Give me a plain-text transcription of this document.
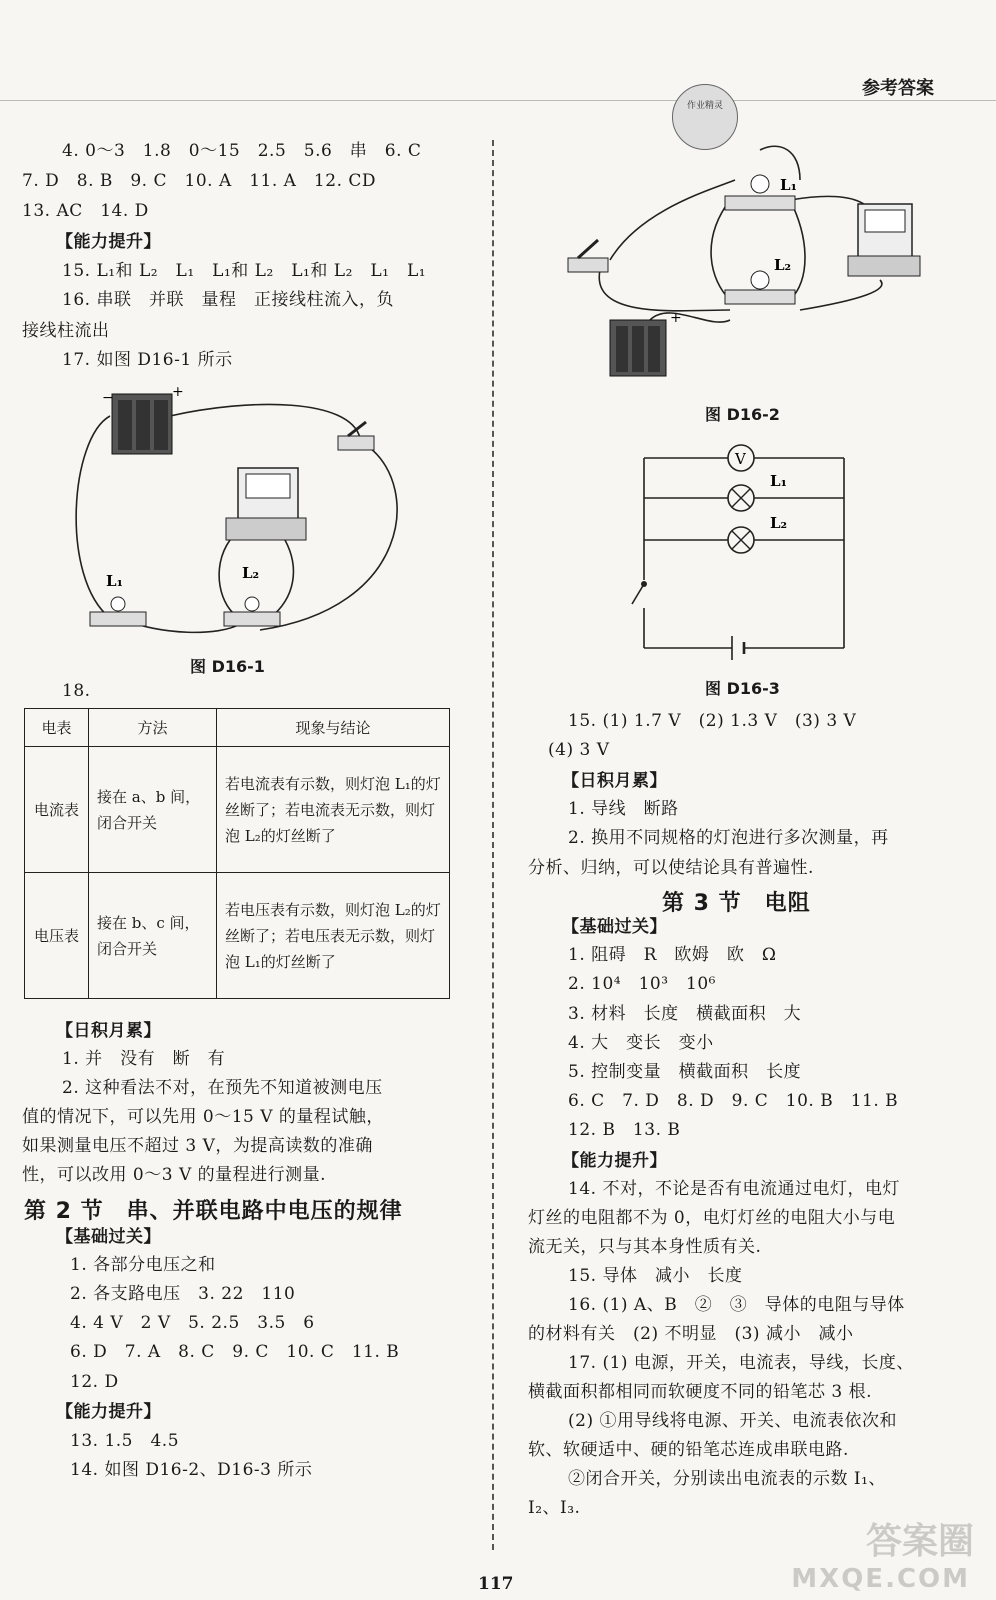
参考答案
作业精灵
4. 0～3　1.8　0～15　2.5　5.6　串　6. C
7. D　8. B　9. C　10. A　11. A　12. CD
13. AC　14. D
【能力提升】
15. L₁和 L₂　L₁　L₁和 L₂　L₁和 L₂　L₁　L₁
16. 串联　并联　量程　正接线柱流入，负
接线柱流出
17. 如图 D16-1 所示
−	+
L₁	L₂
图 D16-1
18.
电表	方法	现象与结论
电流表	接在 a、b 间，闭合开关	若电流表有示数，则灯泡 L₁的灯丝断了；若电流表无示数，则灯泡 L₂的灯丝断了
电压表	接在 b、c 间，闭合开关	若电压表有示数，则灯泡 L₂的灯丝断了；若电压表无示数，则灯泡 L₁的灯丝断了
【日积月累】
1. 并　没有　断　有
2. 这种看法不对，在预先不知道被测电压
值的情况下，可以先用 0～15 V 的量程试触，
如果测量电压不超过 3 V，为提高读数的准确
性，可以改用 0～3 V 的量程进行测量.
第 2 节　串、并联电路中电压的规律
【基础过关】
1. 各部分电压之和
2. 各支路电压　3. 22　110
4. 4 V　2 V　5. 2.5　3.5　6
6. D　7. A　8. C　9. C　10. C　11. B
12. D
【能力提升】
13. 1.5　4.5
14. 如图 D16-2、D16-3 所示
+
L₁
L₂
图 D16-2
V
L₁
L₂
图 D16-3
15. (1) 1.7 V　(2) 1.3 V　(3) 3 V
(4) 3 V
【日积月累】
1. 导线　断路
2. 换用不同规格的灯泡进行多次测量，再
分析、归纳，可以使结论具有普遍性.
第 3 节　电阻
【基础过关】
1. 阻碍　R　欧姆　欧　Ω
2. 10⁴　10³　10⁶
3. 材料　长度　横截面积　大
4. 大　变长　变小
5. 控制变量　横截面积　长度
6. C　7. D　8. D　9. C　10. B　11. B
12. B　13. B
【能力提升】
14. 不对，不论是否有电流通过电灯，电灯
灯丝的电阻都不为 0，电灯灯丝的电阻大小与电
流无关，只与其本身性质有关.
15. 导体　减小　长度
16. (1) A、B　②　③　导体的电阻与导体
的材料有关　(2) 不明显　(3) 减小　减小
17. (1) 电源，开关，电流表，导线，长度、
横截面积都相同而软硬度不同的铅笔芯 3 根.
(2) ①用导线将电源、开关、电流表依次和
软、软硬适中、硬的铅笔芯连成串联电路.
②闭合开关，分别读出电流表的示数 I₁、
I₂、I₃.
117
答案圈
MXQE.COM
